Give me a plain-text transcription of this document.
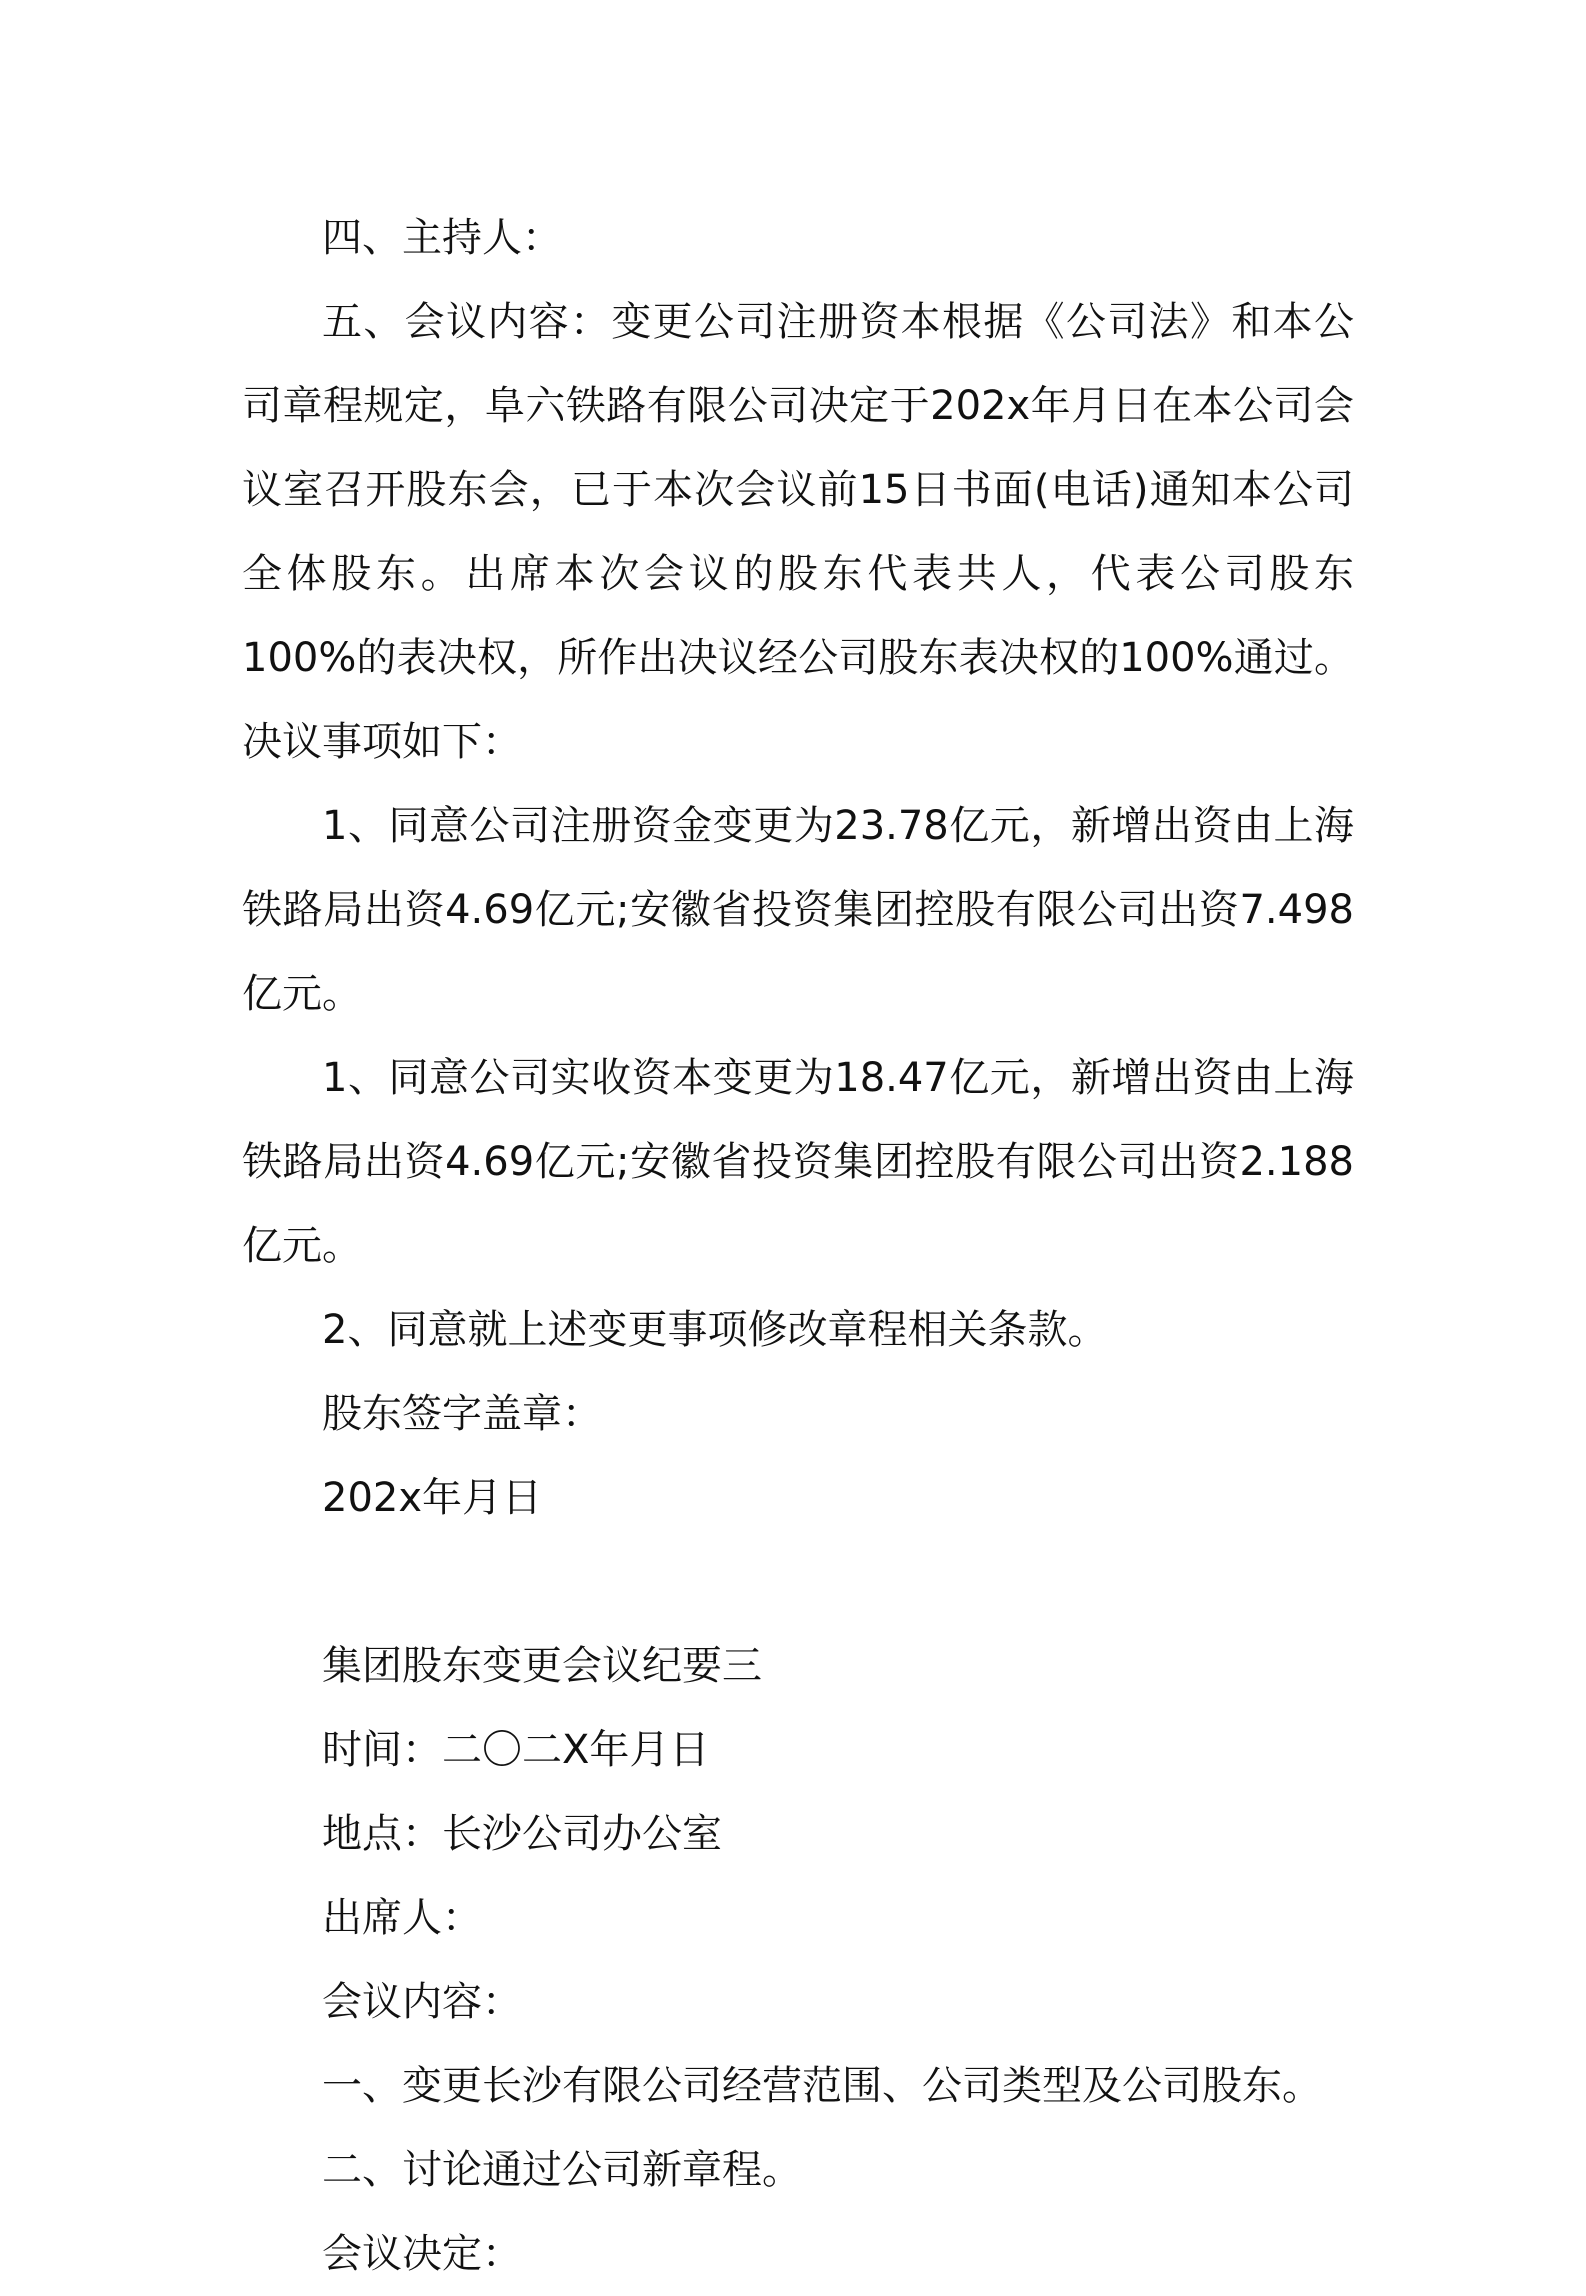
四、主持人：

五、会议内容：变更公司注册资本根据《公司法》和本公司章程规定，阜六铁路有限公司决定于202x年月日在本公司会议室召开股东会，已于本次会议前15日书面(电话)通知本公司全体股东。出席本次会议的股东代表共人，代表公司股东100%的表决权，所作出决议经公司股东表决权的100%通过。决议事项如下：

1、同意公司注册资金变更为23.78亿元，新增出资由上海铁路局出资4.69亿元;安徽省投资集团控股有限公司出资7.498亿元。

1、同意公司实收资本变更为18.47亿元，新增出资由上海铁路局出资4.69亿元;安徽省投资集团控股有限公司出资2.188亿元。

2、同意就上述变更事项修改章程相关条款。

股东签字盖章：

202x年月日

集团股东变更会议纪要三

时间：二〇二X年月日

地点：长沙公司办公室

出席人：

会议内容：

一、变更长沙有限公司经营范围、公司类型及公司股东。

二、讨论通过公司新章程。

会议决定：
